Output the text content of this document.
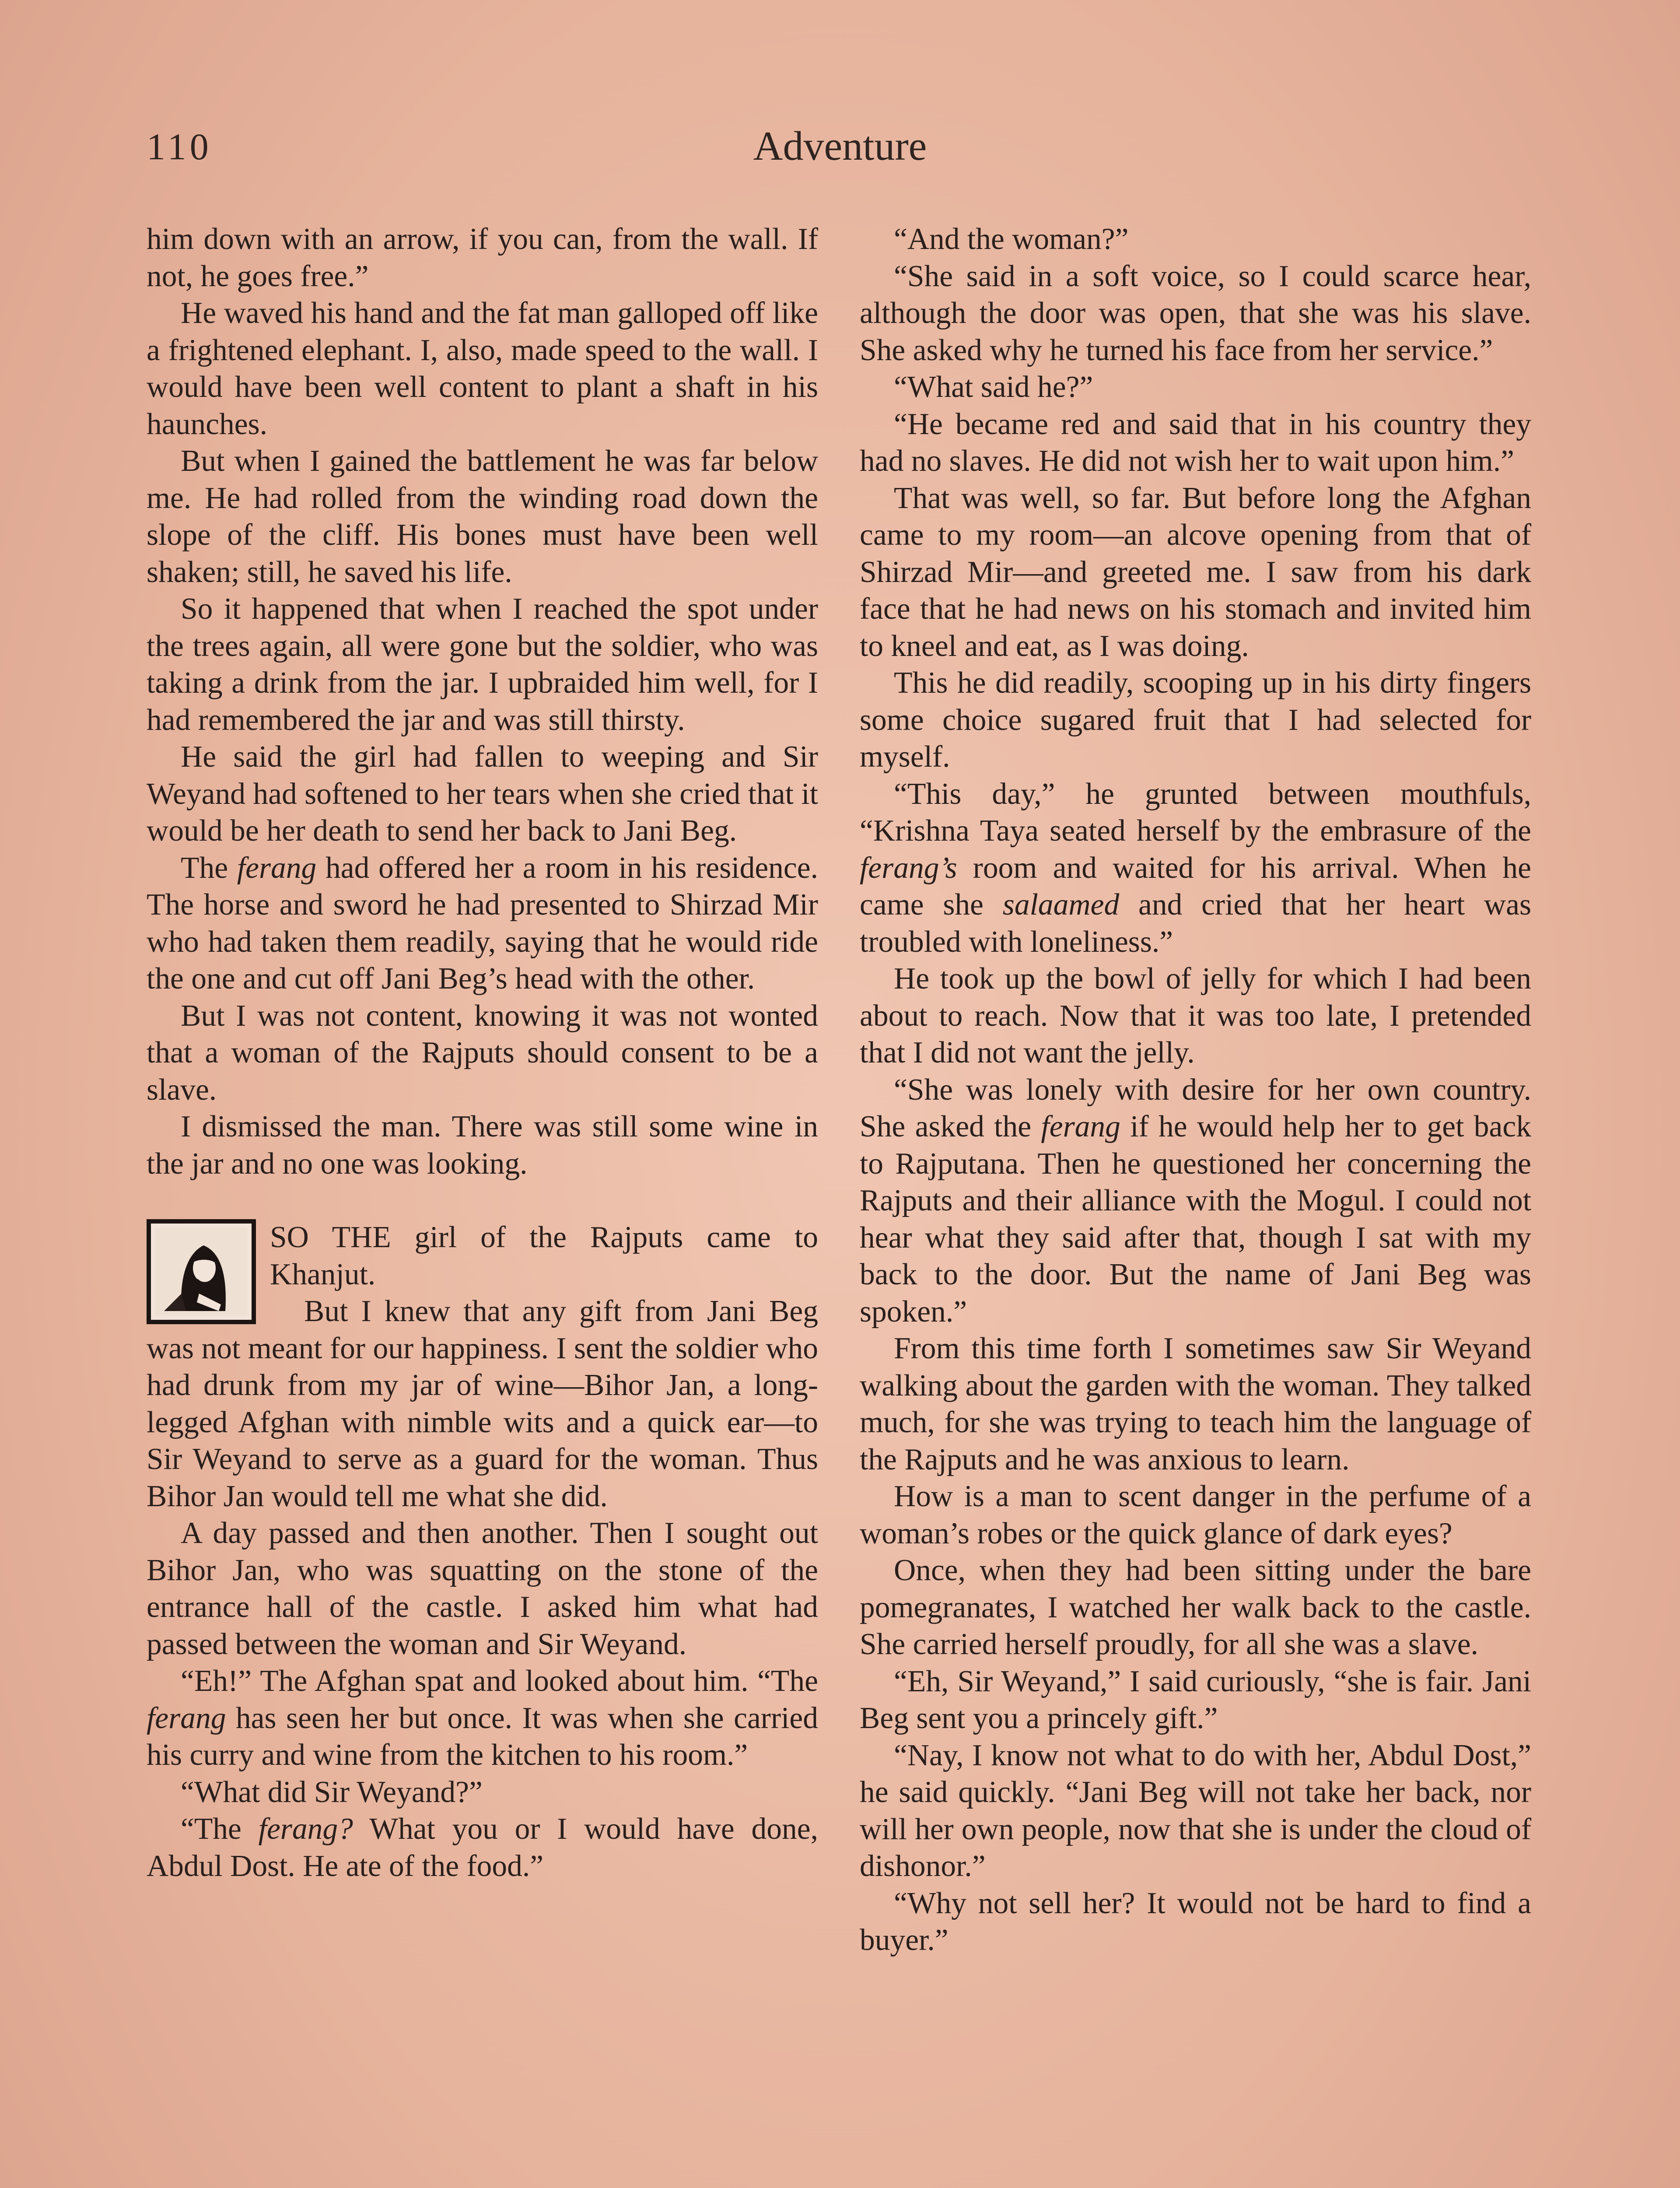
110	Adventure

him down with an arrow, if you can, from the wall. If not, he goes free.”

He waved his hand and the fat man galloped off like a frightened elephant. I, also, made speed to the wall. I would have been well content to plant a shaft in his haunches.

But when I gained the battlement he was far below me. He had rolled from the winding road down the slope of the cliff. His bones must have been well shaken; still, he saved his life.

So it happened that when I reached the spot under the trees again, all were gone but the soldier, who was taking a drink from the jar. I upbraided him well, for I had remembered the jar and was still thirsty.

He said the girl had fallen to weeping and Sir Weyand had softened to her tears when she cried that it would be her death to send her back to Jani Beg.

The ferang had offered her a room in his residence. The horse and sword he had presented to Shirzad Mir who had taken them readily, saying that he would ride the one and cut off Jani Beg’s head with the other.

But I was not content, knowing it was not wonted that a woman of the Rajputs should consent to be a slave.

I dismissed the man. There was still some wine in the jar and no one was looking.

SO THE girl of the Rajputs came to Khanjut.

But I knew that any gift from Jani Beg was not meant for our happiness. I sent the soldier who had drunk from my jar of wine—Bihor Jan, a long-legged Afghan with nimble wits and a quick ear—to Sir Weyand to serve as a guard for the woman. Thus Bihor Jan would tell me what she did.

A day passed and then another. Then I sought out Bihor Jan, who was squatting on the stone of the entrance hall of the castle. I asked him what had passed between the woman and Sir Weyand.

“Eh!” The Afghan spat and looked about him. “The ferang has seen her but once. It was when she carried his curry and wine from the kitchen to his room.”

“What did Sir Weyand?”

“The ferang? What you or I would have done, Abdul Dost. He ate of the food.”

“And the woman?”

“She said in a soft voice, so I could scarce hear, although the door was open, that she was his slave. She asked why he turned his face from her service.”

“What said he?”

“He became red and said that in his country they had no slaves. He did not wish her to wait upon him.”

That was well, so far. But before long the Afghan came to my room—an alcove opening from that of Shirzad Mir—and greeted me. I saw from his dark face that he had news on his stomach and invited him to kneel and eat, as I was doing.

This he did readily, scooping up in his dirty fingers some choice sugared fruit that I had selected for myself.

“This day,” he grunted between mouthfuls, “Krishna Taya seated herself by the embrasure of the ferang’s room and waited for his arrival. When he came she salaamed and cried that her heart was troubled with loneliness.”

He took up the bowl of jelly for which I had been about to reach. Now that it was too late, I pretended that I did not want the jelly.

“She was lonely with desire for her own country. She asked the ferang if he would help her to get back to Rajputana. Then he questioned her concerning the Rajputs and their alliance with the Mogul. I could not hear what they said after that, though I sat with my back to the door. But the name of Jani Beg was spoken.”

From this time forth I sometimes saw Sir Weyand walking about the garden with the woman. They talked much, for she was trying to teach him the language of the Rajputs and he was anxious to learn.

How is a man to scent danger in the perfume of a woman’s robes or the quick glance of dark eyes?

Once, when they had been sitting under the bare pomegranates, I watched her walk back to the castle. She carried herself proudly, for all she was a slave.

“Eh, Sir Weyand,” I said curiously, “she is fair. Jani Beg sent you a princely gift.”

“Nay, I know not what to do with her, Abdul Dost,” he said quickly. “Jani Beg will not take her back, nor will her own people, now that she is under the cloud of dishonor.”

“Why not sell her? It would not be hard to find a buyer.”
